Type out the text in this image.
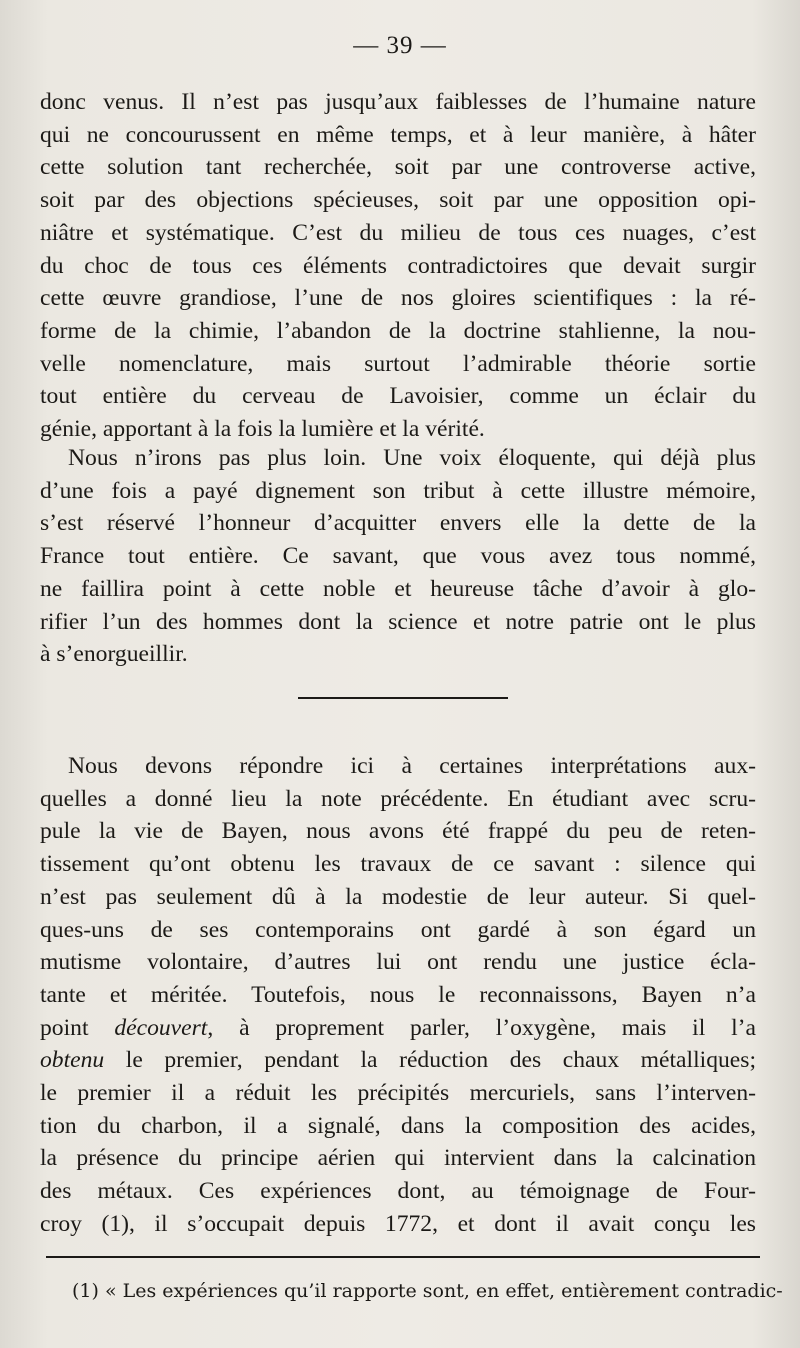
— 39 —
donc venus. Il n’est pas jusqu’aux faiblesses de l’humaine nature
qui ne concourussent en même temps, et à leur manière, à hâter
cette solution tant recherchée, soit par une controverse active,
soit par des objections spécieuses, soit par une opposition opi-
niâtre et systématique. C’est du milieu de tous ces nuages, c’est
du choc de tous ces éléments contradictoires que devait surgir
cette œuvre grandiose, l’une de nos gloires scientifiques : la ré-
forme de la chimie, l’abandon de la doctrine stahlienne, la nou-
velle nomenclature, mais surtout l’admirable théorie sortie
tout entière du cerveau de Lavoisier, comme un éclair du
génie, apportant à la fois la lumière et la vérité.
Nous n’irons pas plus loin. Une voix éloquente, qui déjà plus
d’une fois a payé dignement son tribut à cette illustre mémoire,
s’est réservé l’honneur d’acquitter envers elle la dette de la
France tout entière. Ce savant, que vous avez tous nommé,
ne faillira point à cette noble et heureuse tâche d’avoir à glo-
rifier l’un des hommes dont la science et notre patrie ont le plus
à s’enorgueillir.
Nous devons répondre ici à certaines interprétations aux-
quelles a donné lieu la note précédente. En étudiant avec scru-
pule la vie de Bayen, nous avons été frappé du peu de reten-
tissement qu’ont obtenu les travaux de ce savant : silence qui
n’est pas seulement dû à la modestie de leur auteur. Si quel-
ques-uns de ses contemporains ont gardé à son égard un
mutisme volontaire, d’autres lui ont rendu une justice écla-
tante et méritée. Toutefois, nous le reconnaissons, Bayen n’a
point découvert, à proprement parler, l’oxygène, mais il l’a
obtenu le premier, pendant la réduction des chaux métalliques;
le premier il a réduit les précipités mercuriels, sans l’interven-
tion du charbon, il a signalé, dans la composition des acides,
la présence du principe aérien qui intervient dans la calcination
des métaux. Ces expériences dont, au témoignage de Four-
croy (1), il s’occupait depuis 1772, et dont il avait conçu les
(1) « Les expériences qu’il rapporte sont, en effet, entièrement contradic-
